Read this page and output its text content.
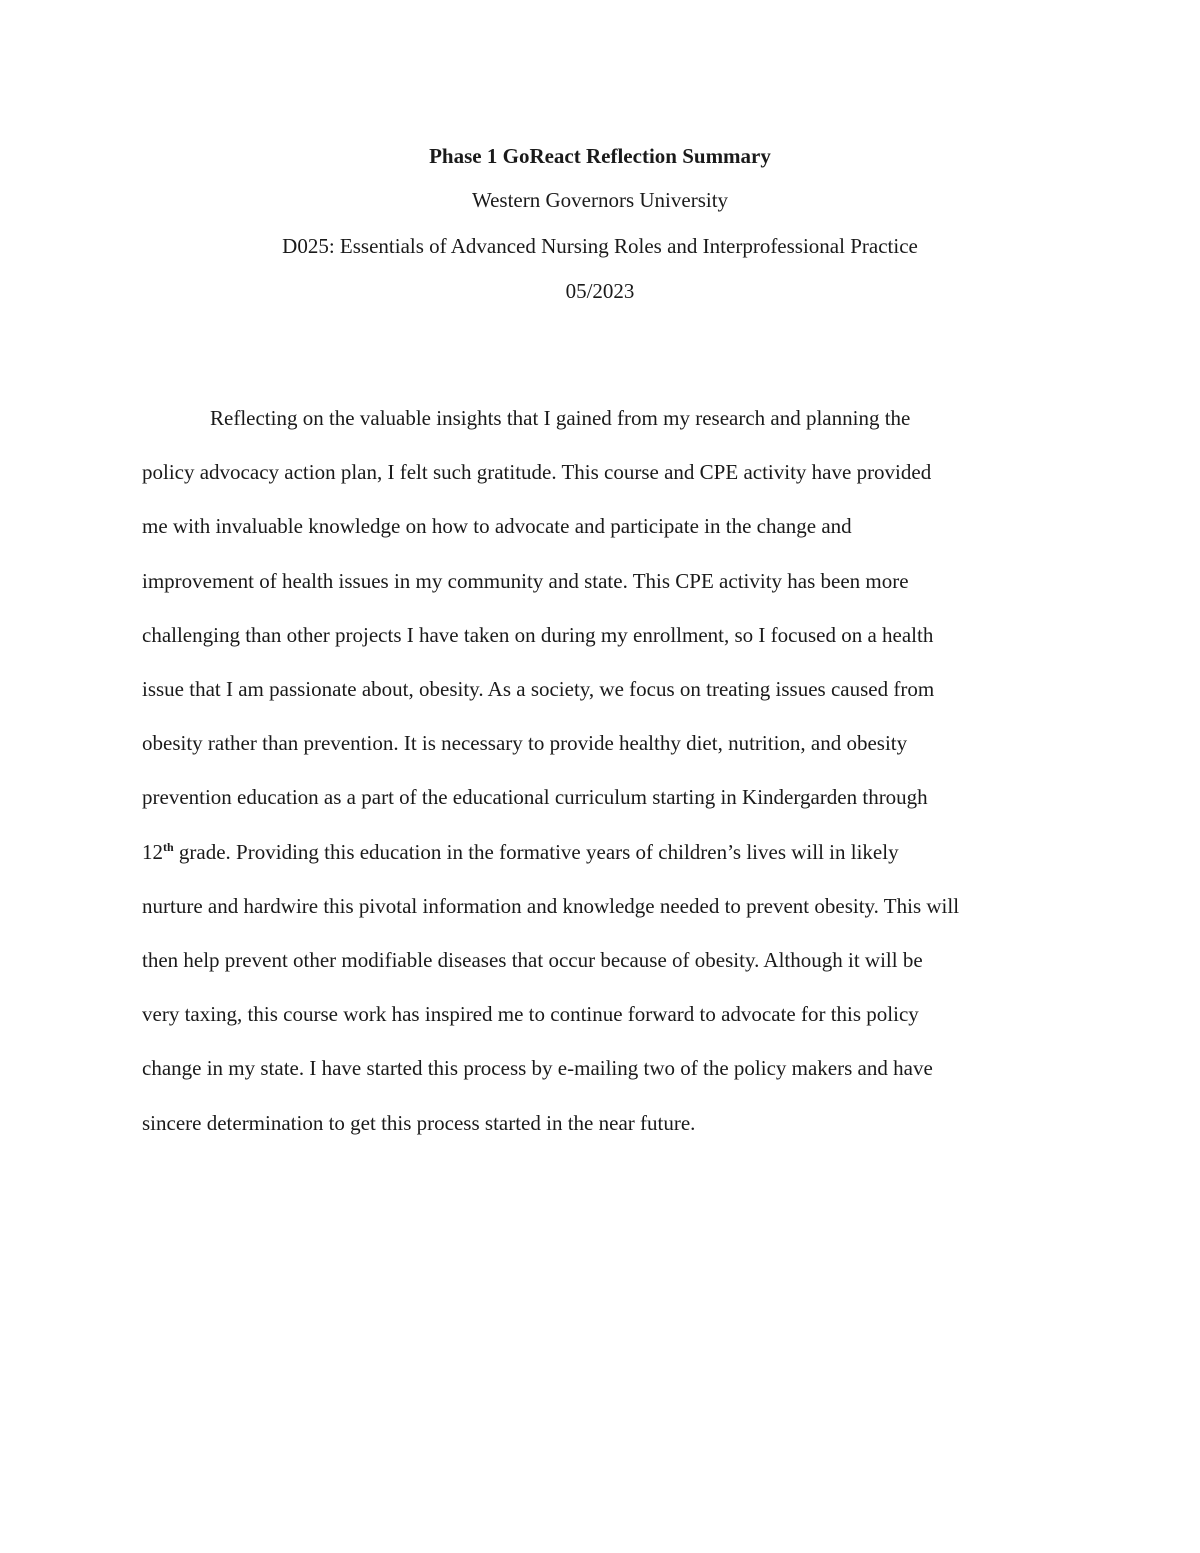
Phase 1 GoReact Reflection Summary
Western Governors University
D025: Essentials of Advanced Nursing Roles and Interprofessional Practice
05/2023
Reflecting on the valuable insights that I gained from my research and planning the
policy advocacy action plan, I felt such gratitude. This course and CPE activity have provided
me with invaluable knowledge on how to advocate and participate in the change and
improvement of health issues in my community and state. This CPE activity has been more
challenging than other projects I have taken on during my enrollment, so I focused on a health
issue that I am passionate about, obesity. As a society, we focus on treating issues caused from
obesity rather than prevention. It is necessary to provide healthy diet, nutrition, and obesity
prevention education as a part of the educational curriculum starting in Kindergarden through
12th grade. Providing this education in the formative years of children’s lives will in likely
nurture and hardwire this pivotal information and knowledge needed to prevent obesity. This will
then help prevent other modifiable diseases that occur because of obesity. Although it will be
very taxing, this course work has inspired me to continue forward to advocate for this policy
change in my state. I have started this process by e-mailing two of the policy makers and have
sincere determination to get this process started in the near future.
